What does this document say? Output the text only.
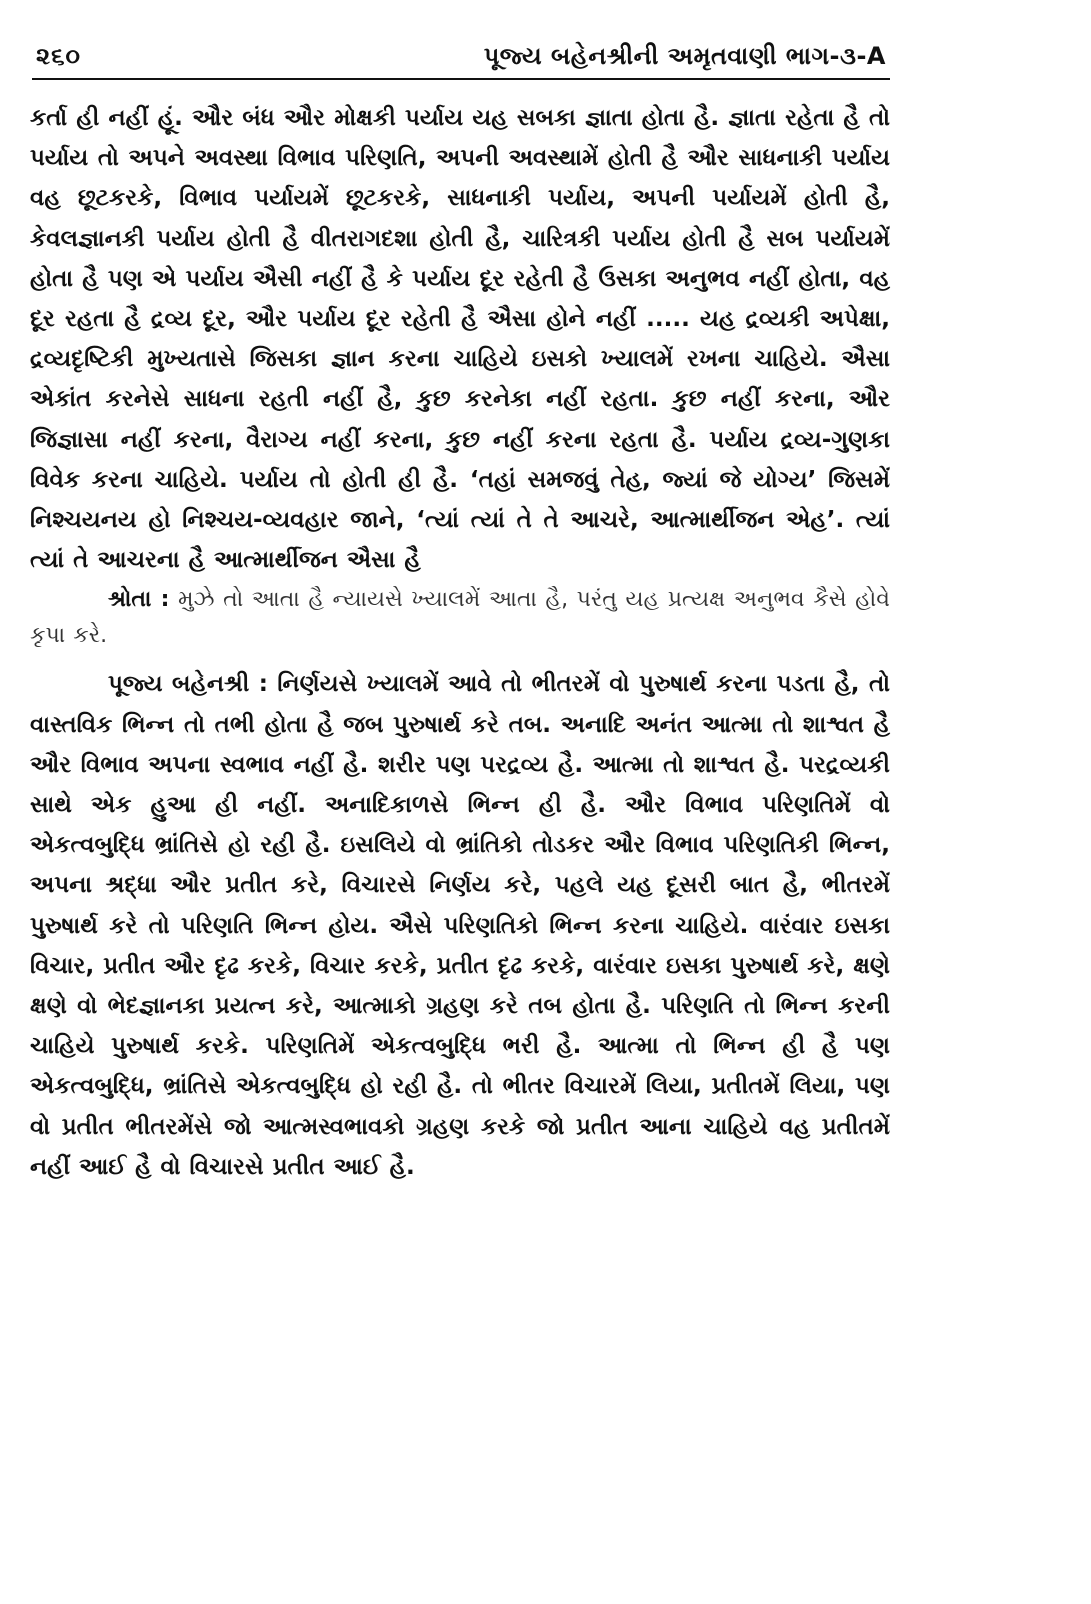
૨૬૦	પૂજ્ય બહેનશ્રીની અમૃતવાણી ભાગ-૩-A

કર્તા હી નહીં હૂં. ઔર બંધ ઔર મોક્ષકી પર્યાય યહ સબકા જ્ઞાતા હોતા હૈ. જ્ઞાતા રહેતા હૈ તો પર્યાય તો અપને અવસ્થા વિભાવ પરિણતિ, અપની અવસ્થામેં હોતી હૈ ઔર સાધનાકી પર્યાય વહ છૂટકરકે, વિભાવ પર્યાયમેં છૂટકરકે, સાધનાકી પર્યાય, અપની પર્યાયમેં હોતી હૈ, કેવલજ્ઞાનકી પર્યાય હોતી હૈ વીતરાગદશા હોતી હૈ, ચારિત્રકી પર્યાય હોતી હૈ સબ પર્યાયમેં હોતા હૈ પણ એ પર્યાય ઐસી નહીં હૈ કે પર્યાય દૂર રહેતી હૈ ઉસકા અનુભવ નહીં હોતા, વહ દૂર રહતા હૈ દ્રવ્ય દૂર, ઔર પર્યાય દૂર રહેતી હૈ ઐસા હોને નહીં ..... યહ દ્રવ્યકી અપેક્ષા, દ્રવ્યદૃષ્ટિકી મુખ્યતાસે જિસકા જ્ઞાન કરના ચાહિયે ઇસકો ખ્યાલમેં રખના ચાહિયે. ઐસા એકાંત કરનેસે સાધના રહતી નહીં હૈ, કુછ કરનેકા નહીં રહતા. કુછ નહીં કરના, ઔર જિજ્ઞાસા નહીં કરના, વૈરાગ્ય નહીં કરના, કુછ નહીં કરના રહતા હૈ. પર્યાય દ્રવ્ય-ગુણકા વિવેક કરના ચાહિયે. પર્યાય તો હોતી હી હૈ. ‘તહાં સમજવું તેહ, જ્યાં જે યોગ્ય’ જિસમેં નિશ્ચયનય હો નિશ્ચય-વ્યવહાર જાને, ‘ત્યાં ત્યાં તે તે આચરે, આત્માર્થીજન એહ’. ત્યાં ત્યાં તે આચરના હૈ આત્માર્થીજન ઐસા હૈ

શ્રોતા : મુઝે તો આતા હૈ ન્યાયસે ખ્યાલમેં આતા હૈ, પરંતુ યહ પ્રત્યક્ષ અનુભવ કૈસે હોવે કૃપા કરે.

પૂજ્ય બહેનશ્રી : નિર્ણયસે ખ્યાલમેં આવે તો ભીતરમેં વો પુરુષાર્થ કરના પડતા હૈ, તો વાસ્તવિક ભિન્ન તો તભી હોતા હૈ જબ પુરુષાર્થ કરે તબ. અનાદિ અનંત આત્મા તો શાશ્વત હૈ ઔર વિભાવ અપના સ્વભાવ નહીં હૈ. શરીર પણ પરદ્રવ્ય હૈ. આત્મા તો શાશ્વત હૈ. પરદ્રવ્યકી સાથે એક હુઆ હી નહીં. અનાદિકાળસે ભિન્ન હી હૈ. ઔર વિભાવ પરિણતિમેં વો એકત્વબુદ્ધિ ભ્રાંતિસે હો રહી હૈ. ઇસલિયે વો ભ્રાંતિકો તોડકર ઔર વિભાવ પરિણતિકી ભિન્ન, અપના શ્રદ્ધા ઔર પ્રતીત કરે, વિચારસે નિર્ણય કરે, પહલે યહ દૂસરી બાત હૈ, ભીતરમેં પુરુષાર્થ કરે તો પરિણતિ ભિન્ન હોય. ઐસે પરિણતિકો ભિન્ન કરના ચાહિયે. વારંવાર ઇસકા વિચાર, પ્રતીત ઔર દૃઢ કરકે, વિચાર કરકે, પ્રતીત દૃઢ કરકે, વારંવાર ઇસકા પુરુષાર્થ કરે, ક્ષણે ક્ષણે વો ભેદજ્ઞાનકા પ્રયત્ન કરે, આત્માકો ગ્રહણ કરે તબ હોતા હૈ. પરિણતિ તો ભિન્ન કરની ચાહિયે પુરુષાર્થ કરકે. પરિણતિમેં એકત્વબુદ્ધિ ભરી હૈ. આત્મા તો ભિન્ન હી હૈ પણ એકત્વબુદ્ધિ, ભ્રાંતિસે એકત્વબુદ્ધિ હો રહી હૈ. તો ભીતર વિચારમેં લિયા, પ્રતીતમેં લિયા, પણ વો પ્રતીત ભીતરમેંસે જો આત્મસ્વભાવકો ગ્રહણ કરકે જો પ્રતીત આના ચાહિયે વહ પ્રતીતમેં નહીં આઈ હૈ વો વિચારસે પ્રતીત આઈ હૈ.
